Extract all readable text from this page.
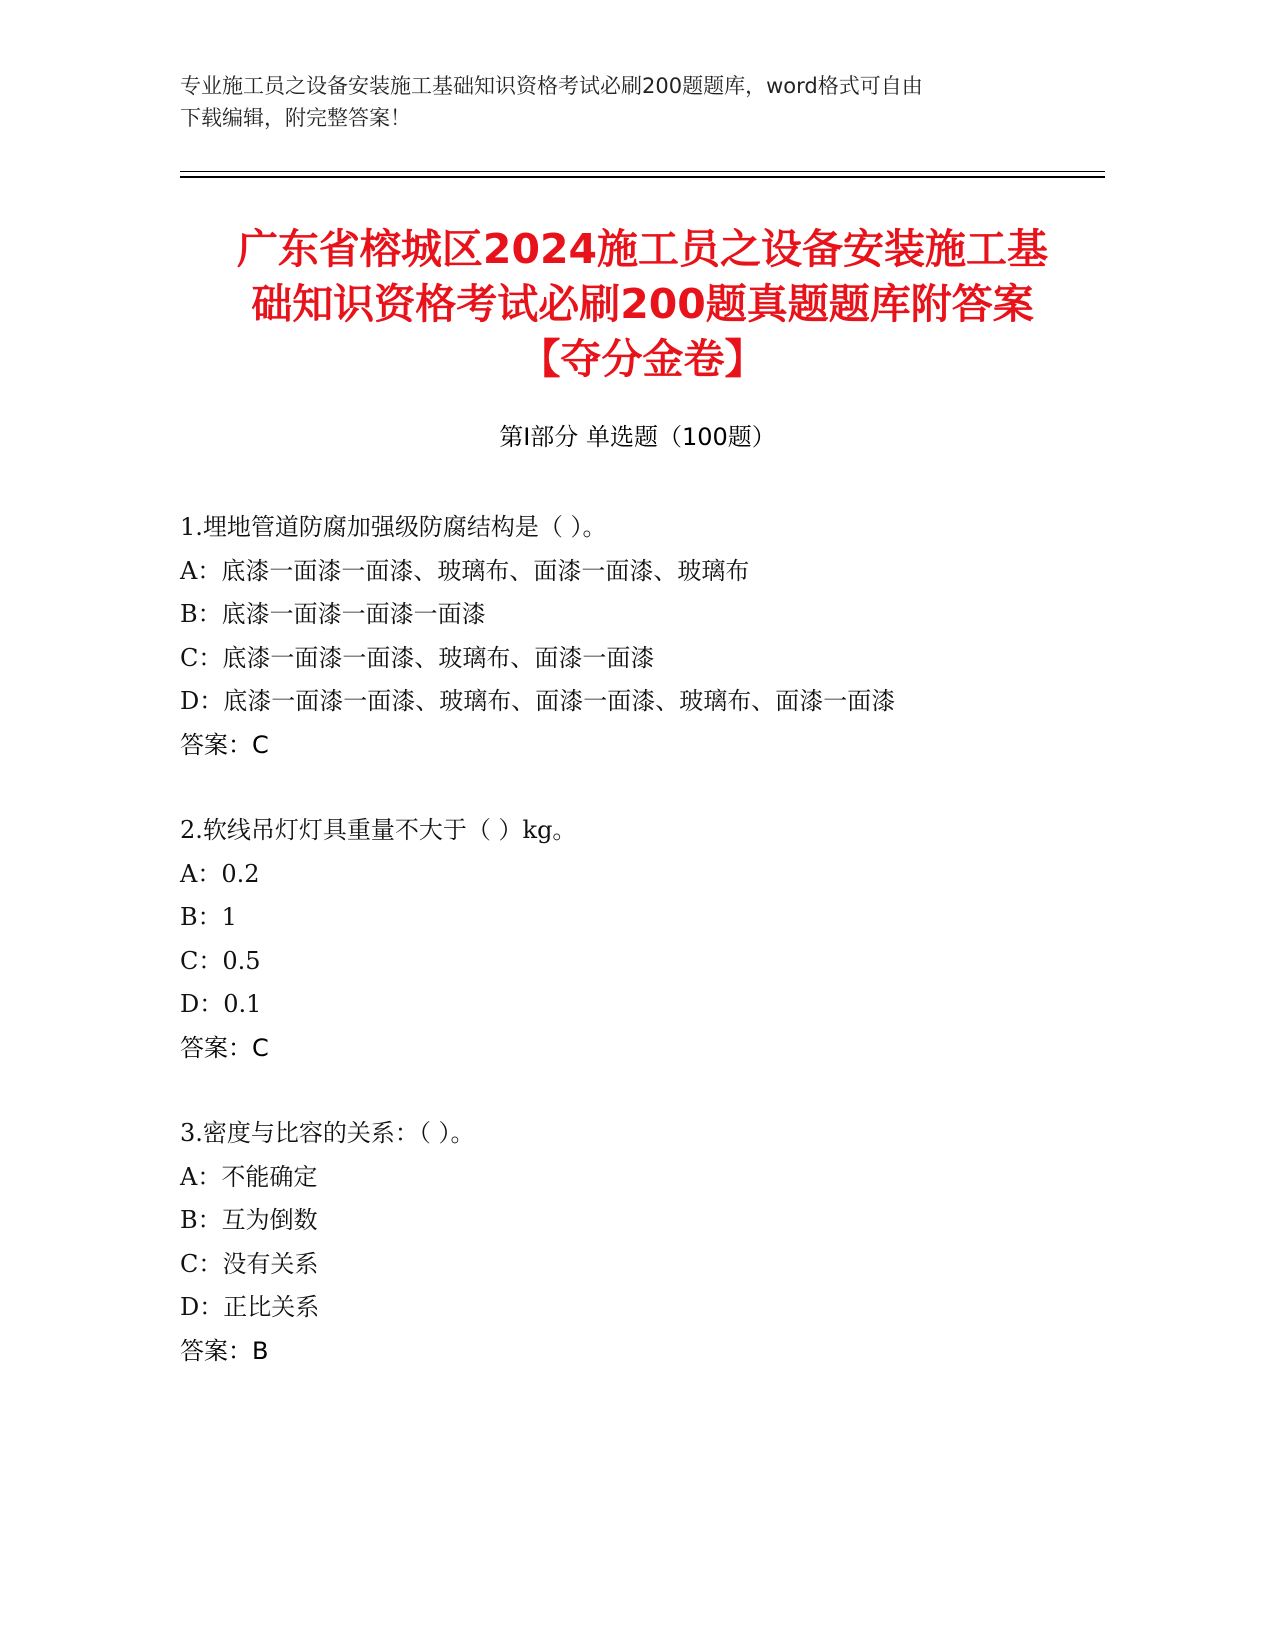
专业施工员之设备安装施工基础知识资格考试必刷200题题库，word格式可自由
下载编辑，附完整答案！
广东省榕城区2024施工员之设备安装施工基
础知识资格考试必刷200题真题题库附答案
【夺分金卷】
第Ⅰ部分 单选题（100题）
1.埋地管道防腐加强级防腐结构是（ ）。
A：底漆一面漆一面漆、玻璃布、面漆一面漆、玻璃布
B：底漆一面漆一面漆一面漆
C：底漆一面漆一面漆、玻璃布、面漆一面漆
D：底漆一面漆一面漆、玻璃布、面漆一面漆、玻璃布、面漆一面漆
答案：C
2.软线吊灯灯具重量不大于（ ）kg。
A：0.2
B：1
C：0.5
D：0.1
答案：C
3.密度与比容的关系：（ ）。
A：不能确定
B：互为倒数
C：没有关系
D：正比关系
答案：B
